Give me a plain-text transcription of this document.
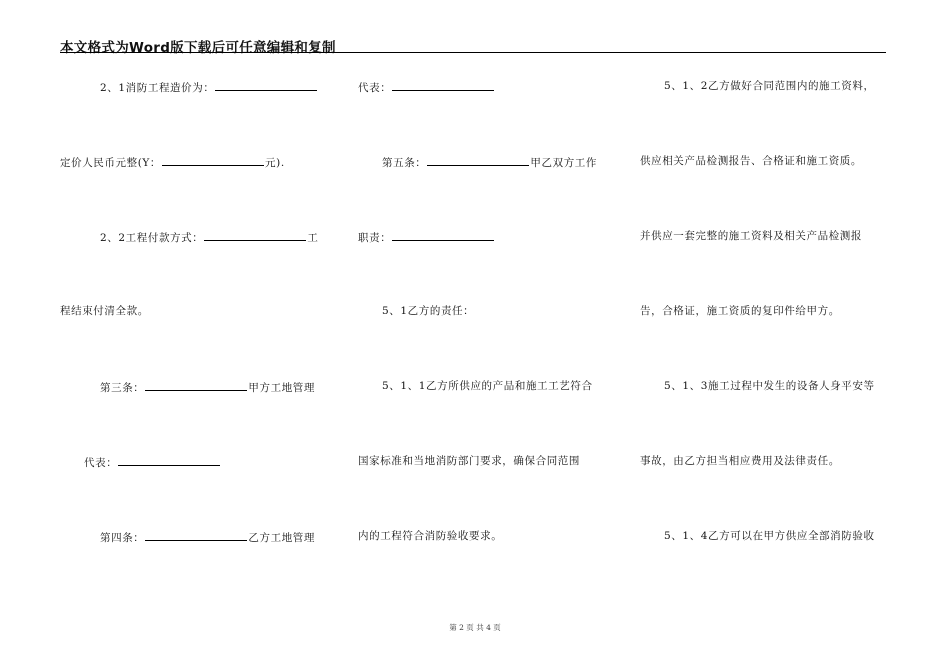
本文格式为Word版下载后可任意编辑和复制
2、1消防工程造价为：
定价人民币元整(Y：	元).
2、2工程付款方式：	工
程结束付清全款。
第三条：	甲方工地管理
代表：
第四条：	乙方工地管理
代表：
第五条：	甲乙双方工作
职责：
5、1乙方的责任：
5、1、1乙方所供应的产品和施工工艺符合
国家标准和当地消防部门要求，确保合同范围
内的工程符合消防验收要求。
5、1、2乙方做好合同范围内的施工资料，
供应相关产品检测报告、合格证和施工资质。
并供应一套完整的施工资料及相关产品检测报
告，合格证，施工资质的复印件给甲方。
5、1、3施工过程中发生的设备人身平安等
事故，由乙方担当相应费用及法律责任。
5、1、4乙方可以在甲方供应全部消防验收
第 2 页 共 4 页
